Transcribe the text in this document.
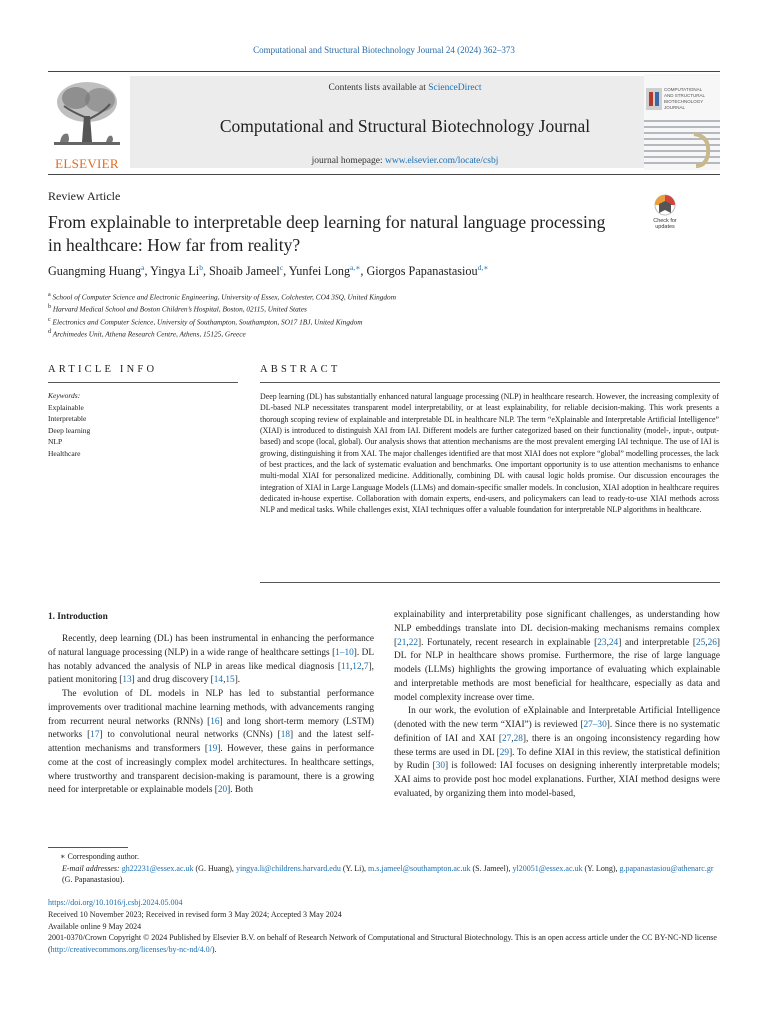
Computational and Structural Biotechnology Journal 24 (2024) 362–373
ELSEVIER
Contents lists available at ScienceDirect
Computational and Structural Biotechnology Journal
journal homepage: www.elsevier.com/locate/csbj
COMPUTATIONAL
AND STRUCTURAL
BIOTECHNOLOGY
JOURNAL
Review Article
From explainable to interpretable deep learning for natural language processing in healthcare: How far from reality?
Check for
updates
Guangming Huang$^a$, Yingya Li$^b$, Shoaib Jameel$^c$, Yunfei Long$^{a,∗}$, Giorgos Papanastasiou$^{d,∗}$
$^a$ School of Computer Science and Electronic Engineering, University of Essex, Colchester, CO4 3SQ, United Kingdom
$^b$ Harvard Medical School and Boston Children’s Hospital, Boston, 02115, United States
$^c$ Electronics and Computer Science, University of Southampton, Southampton, SO17 1BJ, United Kingdom
$^d$ Archimedes Unit, Athena Research Centre, Athens, 15125, Greece
ARTICLE INFO	ABSTRACT
Keywords:
Explainable
Interpretable
Deep learning
NLP
Healthcare
Deep learning (DL) has substantially enhanced natural language processing (NLP) in healthcare research. However, the increasing complexity of DL-based NLP necessitates transparent model interpretability, or at least explainability, for reliable decision-making. This work presents a thorough scoping review of explainable and interpretable DL in healthcare NLP. The term “eXplainable and Interpretable Artificial Intelligence” (XIAI) is introduced to distinguish XAI from IAI. Different models are further categorized based on their functionality (model-, input-, output-based) and scope (local, global). Our analysis shows that attention mechanisms are the most prevalent emerging IAI technique. The use of IAI is growing, distinguishing it from XAI. The major challenges identified are that most XIAI does not explore “global” modelling processes, the lack of best practices, and the lack of systematic evaluation and benchmarks. One important opportunity is to use attention mechanisms to enhance multi-modal XIAI for personalized medicine. Additionally, combining DL with causal logic holds promise. Our discussion encourages the integration of XIAI in Large Language Models (LLMs) and domain-specific smaller models. In conclusion, XIAI adoption in healthcare requires dedicated in-house expertise. Collaboration with domain experts, end-users, and policymakers can lead to ready-to-use XIAI methods across NLP and medical tasks. While challenges exist, XIAI techniques offer a valuable foundation for interpretable NLP algorithms in healthcare.
1. Introduction

Recently, deep learning (DL) has been instrumental in enhancing the performance of natural language processing (NLP) in a wide range of healthcare settings [1–10]. DL has notably advanced the analysis of NLP in areas like medical diagnosis [11,12,7], patient monitoring [13] and drug discovery [14,15].

The evolution of DL models in NLP has led to substantial performance improvements over traditional machine learning methods, with advancements ranging from recurrent neural networks (RNNs) [16] and long short-term memory (LSTM) networks [17] to convolutional neural networks (CNNs) [18] and the latest self-attention mechanisms and transformers [19]. However, these gains in performance come at the cost of increasingly complex model architectures. In healthcare settings, where trustworthy and transparent decision-making is paramount, there is a growing need for interpretable or explainable models [20]. Both

explainability and interpretability pose significant challenges, as understanding how NLP embeddings translate into DL decision-making mechanisms remains complex [21,22]. Fortunately, recent research in explainable [23,24] and interpretable [25,26] DL for NLP in healthcare shows promise. Furthermore, the rise of large language models (LLMs) highlights the growing importance of evaluating which explainable and interpretable methods are most beneficial for healthcare, especially as data and model complexity increase over time.

In our work, the evolution of eXplainable and Interpretable Artificial Intelligence (denoted with the new term “XIAI”) is reviewed [27–30]. Since there is no systematic definition of IAI and XAI [27,28], there is an ongoing inconsistency regarding how these terms are used in DL [29]. To define XIAI in this review, the statistical definition by Rudin [30] is followed: IAI focuses on designing inherently interpretable models; XAI aims to provide post hoc model explanations. Further, XIAI method designs were evaluated, by organizing them into model-based,

∗ Corresponding author.
E-mail addresses: gh22231@essex.ac.uk (G. Huang), yingya.li@childrens.harvard.edu (Y. Li), m.s.jameel@southampton.ac.uk (S. Jameel), yl20051@essex.ac.uk (Y. Long), g.papanastasiou@athenarc.gr (G. Papanastasiou).
https://doi.org/10.1016/j.csbj.2024.05.004
Received 10 November 2023; Received in revised form 3 May 2024; Accepted 3 May 2024
Available online 9 May 2024
2001-0370/Crown Copyright © 2024 Published by Elsevier B.V. on behalf of Research Network of Computational and Structural Biotechnology. This is an open access article under the CC BY-NC-ND license (http://creativecommons.org/licenses/by-nc-nd/4.0/).
